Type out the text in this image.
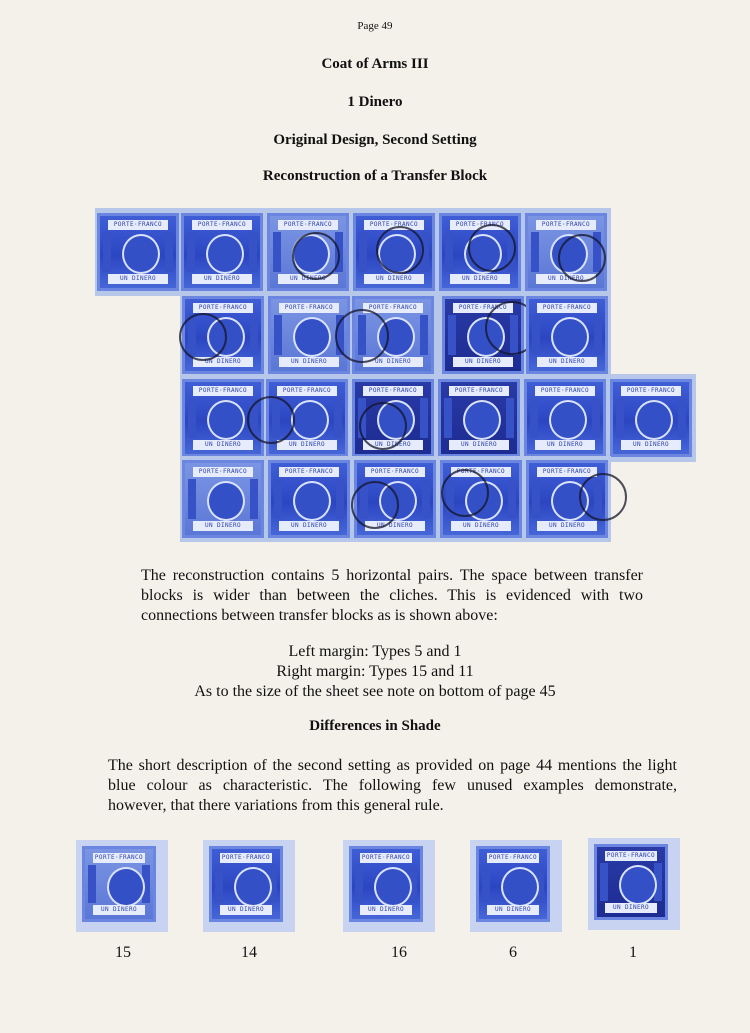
Page 49
Coat of Arms III
1 Dinero
Original Design, Second Setting
Reconstruction of a Transfer Block
PORTE·FRANCO
UN DINERO
PORTE·FRANCO
UN DINERO
PORTE·FRANCO
UN DINERO
PORTE·FRANCO
UN DINERO
PORTE·FRANCO
UN DINERO
PORTE·FRANCO
UN DINERO
PORTE·FRANCO
UN DINERO
PORTE·FRANCO
UN DINERO
PORTE·FRANCO
UN DINERO
PORTE·FRANCO
UN DINERO
PORTE·FRANCO
UN DINERO
PORTE·FRANCO
UN DINERO
PORTE·FRANCO
UN DINERO
PORTE·FRANCO
UN DINERO
PORTE·FRANCO
UN DINERO
PORTE·FRANCO
UN DINERO
PORTE·FRANCO
UN DINERO
PORTE·FRANCO
UN DINERO
PORTE·FRANCO
UN DINERO
PORTE·FRANCO
UN DINERO
PORTE·FRANCO
UN DINERO
PORTE·FRANCO
UN DINERO
The reconstruction contains 5 horizontal pairs. The space between transfer
blocks is wider than between the cliches. This is evidenced with two
connections between transfer blocks as is shown above:
Left margin: Types 5 and 1
Right margin: Types 15 and 11
As to the size of the sheet see note on bottom of page 45
Differences in Shade
The short description of the second setting as provided on page 44 mentions the light
blue colour as characteristic. The following few unused examples demonstrate,
however, that there variations from this general rule.
PORTE·FRANCO
UN DINERO
PORTE·FRANCO
UN DINERO
PORTE·FRANCO
UN DINERO
PORTE·FRANCO
UN DINERO
PORTE·FRANCO
UN DINERO
15	14	16	6	1
